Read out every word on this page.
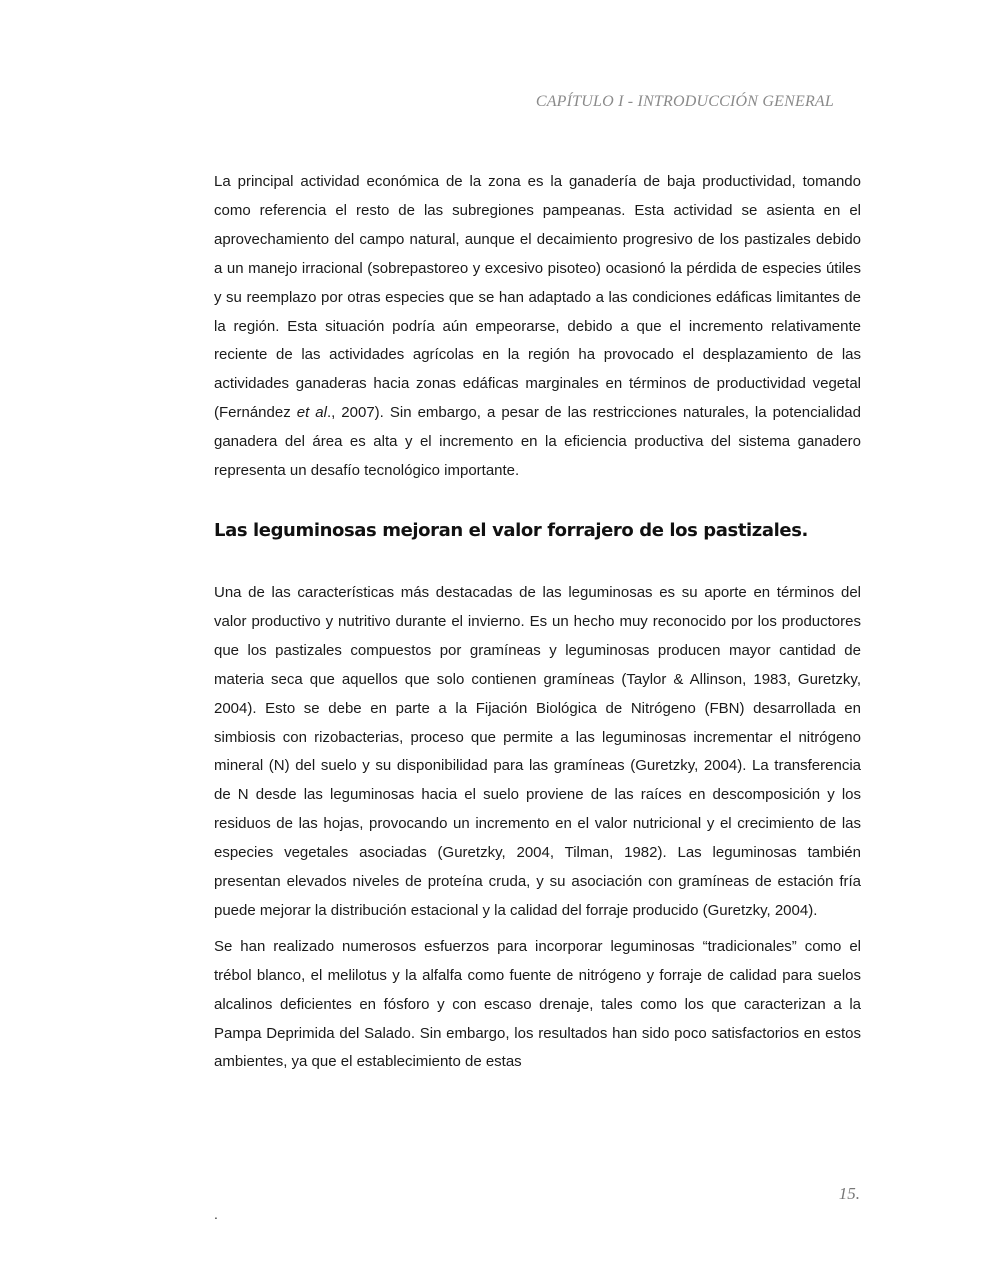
CAPÍTULO I - INTRODUCCIÓN GENERAL

La principal actividad económica de la zona es la ganadería de baja productividad, tomando como referencia el resto de las subregiones pampeanas. Esta actividad se asienta en el aprovechamiento del campo natural, aunque el decaimiento progresivo de los pastizales debido a un manejo irracional (sobrepastoreo y excesivo pisoteo) ocasionó la pérdida de especies útiles y su reemplazo por otras especies que se han adaptado a las condiciones edáficas limitantes de la región. Esta situación podría aún empeorarse, debido a que el incremento relativamente reciente de las actividades agrícolas en la región ha provocado el desplazamiento de las actividades ganaderas hacia zonas edáficas marginales en términos de productividad vegetal (Fernández et al., 2007). Sin embargo, a pesar de las restricciones naturales, la potencialidad ganadera del área es alta y el incremento en la eficiencia productiva del sistema ganadero representa un desafío tecnológico importante.

Las leguminosas mejoran el valor forrajero de los pastizales.

Una de las características más destacadas de las leguminosas es su aporte en términos del valor productivo y nutritivo durante el invierno. Es un hecho muy reconocido por los productores que los pastizales compuestos por gramíneas y leguminosas producen mayor cantidad de materia seca que aquellos que solo contienen gramíneas (Taylor & Allinson, 1983, Guretzky, 2004). Esto se debe en parte a la Fijación Biológica de Nitrógeno (FBN) desarrollada en simbiosis con rizobacterias, proceso que permite a las leguminosas incrementar el nitrógeno mineral (N) del suelo y su disponibilidad para las gramíneas (Guretzky, 2004). La transferencia de N desde las leguminosas hacia el suelo proviene de las raíces en descomposición y los residuos de las hojas, provocando un incremento en el valor nutricional y el crecimiento de las especies vegetales asociadas (Guretzky, 2004, Tilman, 1982). Las leguminosas también presentan elevados niveles de proteína cruda, y su asociación con gramíneas de estación fría puede mejorar la distribución estacional y la calidad del forraje producido (Guretzky, 2004).

Se han realizado numerosos esfuerzos para incorporar leguminosas “tradicionales” como el trébol blanco, el melilotus y la alfalfa como fuente de nitrógeno y forraje de calidad para suelos alcalinos deficientes en fósforo y con escaso drenaje, tales como los que caracterizan a la Pampa Deprimida del Salado. Sin embargo, los resultados han sido poco satisfactorios en estos ambientes, ya que el establecimiento de estas

15.
.
